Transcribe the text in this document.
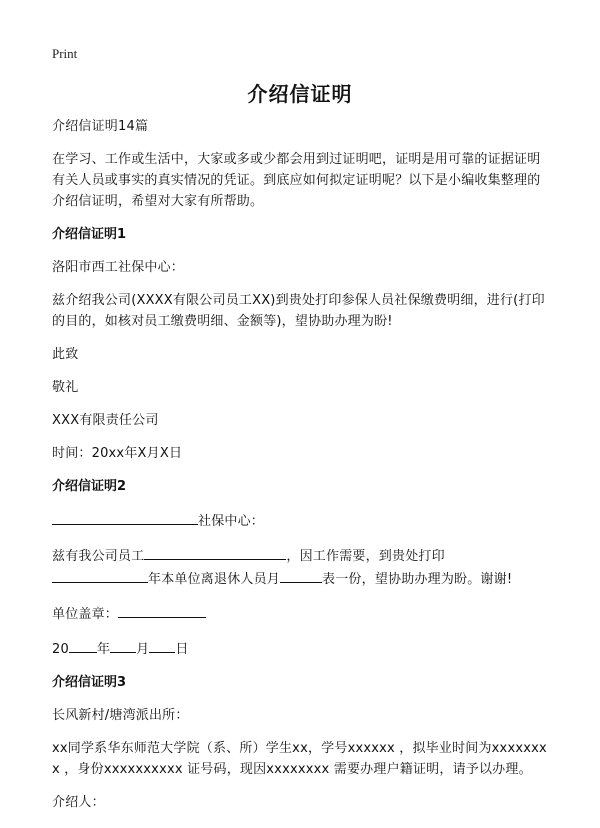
Print
介绍信证明

介绍信证明14篇

在学习、工作或生活中，大家或多或少都会用到过证明吧，证明是用可靠的证据证明有关人员或事实的真实情况的凭证。到底应如何拟定证明呢？以下是小编收集整理的介绍信证明，希望对大家有所帮助。

介绍信证明1

洛阳市西工社保中心：

兹介绍我公司(XXXX有限公司员工XX)到贵处打印参保人员社保缴费明细，进行(打印的目的，如核对员工缴费明细、金额等)，望协助办理为盼!

此致

敬礼

XXX有限责任公司

时间：20xx年X月X日

介绍信证明2

社保中心：

兹有我公司员工	，因工作需要，到贵处打印
年本单位离退休人员月	表一份，望协助办理为盼。谢谢!

单位盖章：

20 年 月 日

介绍信证明3

长风新村/塘湾派出所：

xx同学系华东师范大学院（系、所）学生xx，学号xxxxxx ，拟毕业时间为xxxxxxxx ，身份xxxxxxxxxx 证号码，现因xxxxxxxx 需要办理户籍证明，请予以办理。

介绍人：
